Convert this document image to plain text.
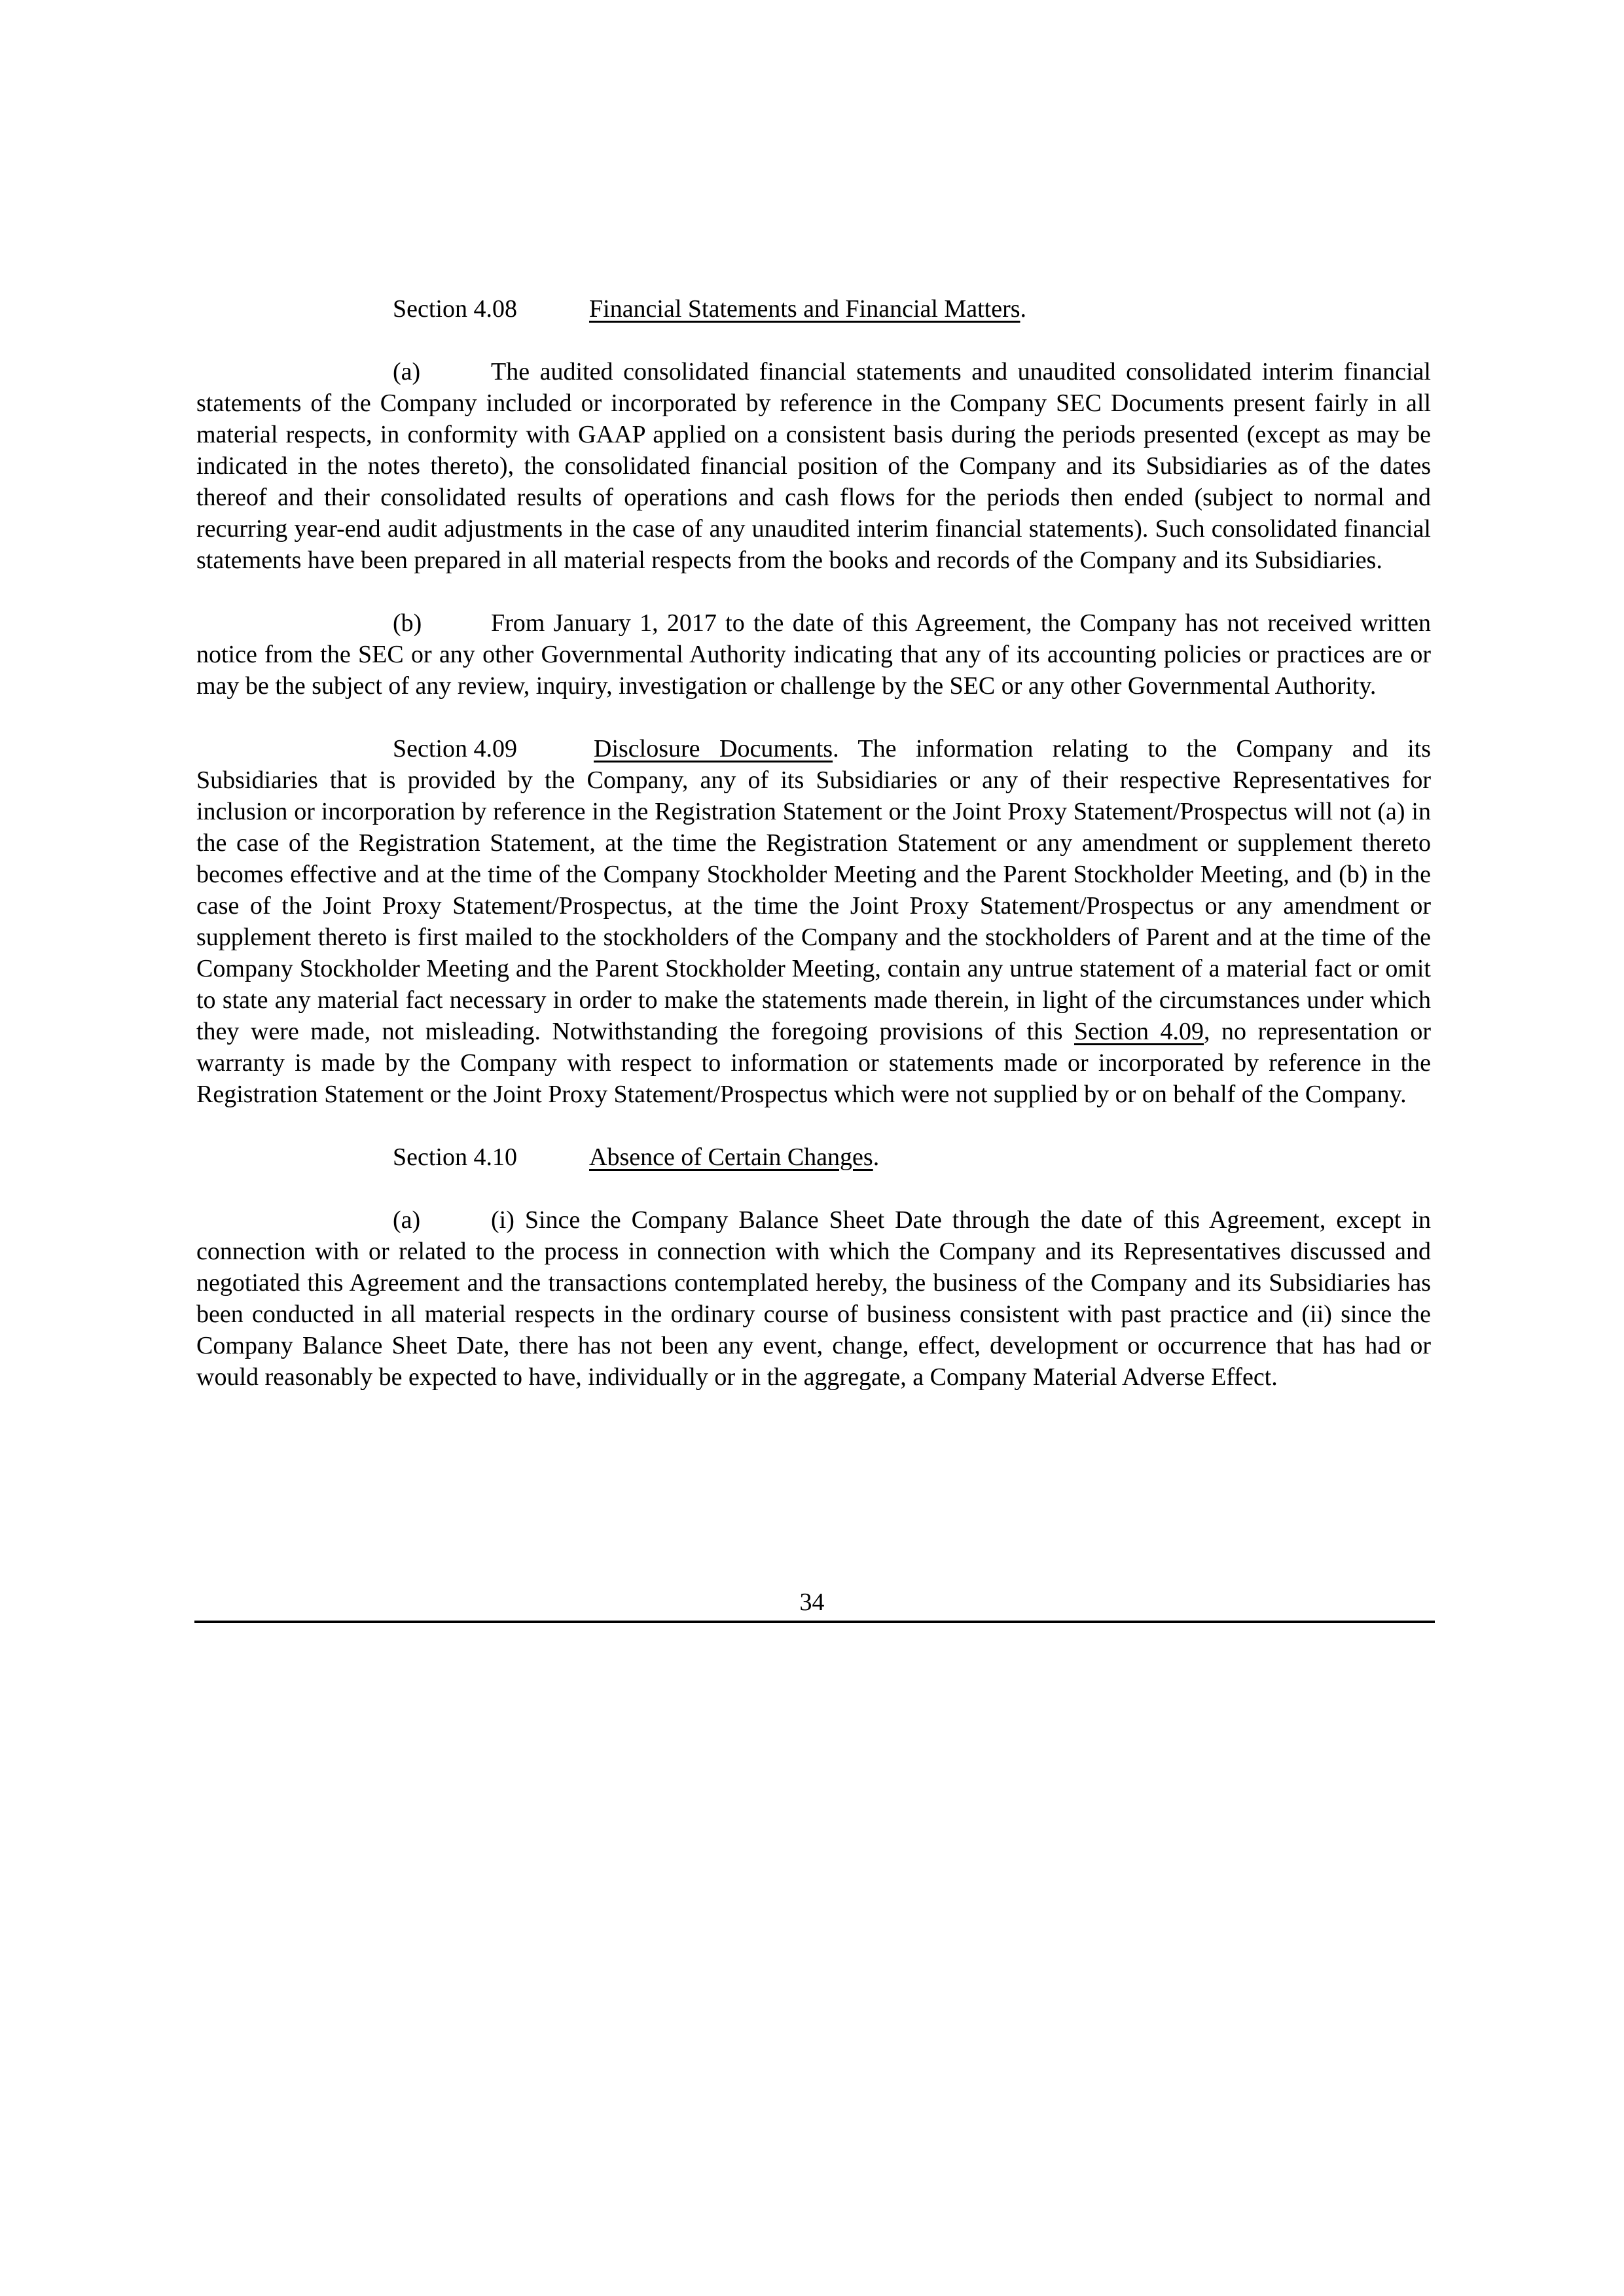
Section 4.08	Financial Statements and Financial Matters.

(a)	The audited consolidated financial statements and unaudited consolidated interim financial statements of the Company included or incorporated by reference in the Company SEC Documents present fairly in all material respects, in conformity with GAAP applied on a consistent basis during the periods presented (except as may be indicated in the notes thereto), the consolidated financial position of the Company and its Subsidiaries as of the dates thereof and their consolidated results of operations and cash flows for the periods then ended (subject to normal and recurring year-end audit adjustments in the case of any unaudited interim financial statements). Such consolidated financial statements have been prepared in all material respects from the books and records of the Company and its Subsidiaries.

(b)	From January 1, 2017 to the date of this Agreement, the Company has not received written notice from the SEC or any other Governmental Authority indicating that any of its accounting policies or practices are or may be the subject of any review, inquiry, investigation or challenge by the SEC or any other Governmental Authority.

Section 4.09	Disclosure Documents. The information relating to the Company and its Subsidiaries that is provided by the Company, any of its Subsidiaries or any of their respective Representatives for inclusion or incorporation by reference in the Registration Statement or the Joint Proxy Statement/Prospectus will not (a) in the case of the Registration Statement, at the time the Registration Statement or any amendment or supplement thereto becomes effective and at the time of the Company Stockholder Meeting and the Parent Stockholder Meeting, and (b) in the case of the Joint Proxy Statement/Prospectus, at the time the Joint Proxy Statement/Prospectus or any amendment or supplement thereto is first mailed to the stockholders of the Company and the stockholders of Parent and at the time of the Company Stockholder Meeting and the Parent Stockholder Meeting, contain any untrue statement of a material fact or omit to state any material fact necessary in order to make the statements made therein, in light of the circumstances under which they were made, not misleading. Notwithstanding the foregoing provisions of this Section 4.09, no representation or warranty is made by the Company with respect to information or statements made or incorporated by reference in the Registration Statement or the Joint Proxy Statement/Prospectus which were not supplied by or on behalf of the Company.

Section 4.10	Absence of Certain Changes.

(a)	(i) Since the Company Balance Sheet Date through the date of this Agreement, except in connection with or related to the process in connection with which the Company and its Representatives discussed and negotiated this Agreement and the transactions contemplated hereby, the business of the Company and its Subsidiaries has been conducted in all material respects in the ordinary course of business consistent with past practice and (ii) since the Company Balance Sheet Date, there has not been any event, change, effect, development or occurrence that has had or would reasonably be expected to have, individually or in the aggregate, a Company Material Adverse Effect.

34
